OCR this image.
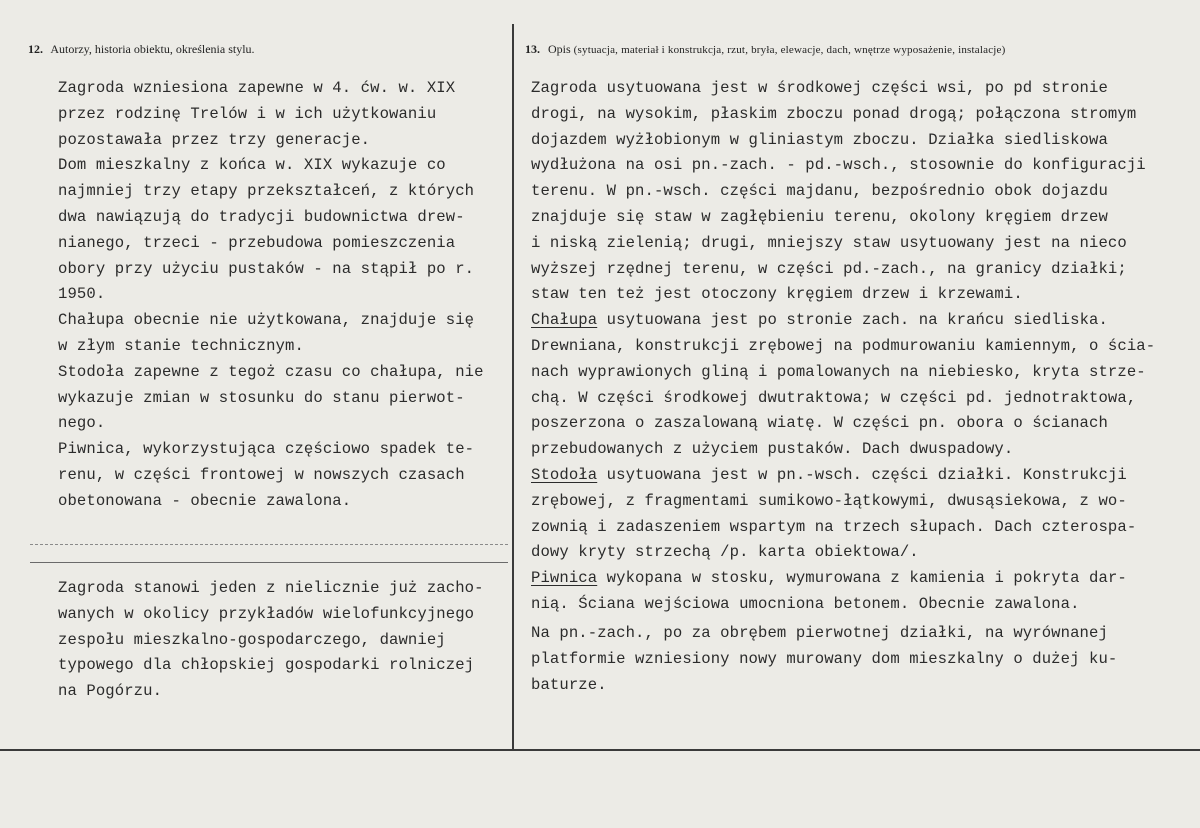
12. Autorzy, historia obiektu, określenia stylu.
Zagroda wzniesiona zapewne w 4. ćw. w. XIX
przez rodzinę Trelów i w ich użytkowaniu
pozostawała przez trzy generacje.
Dom mieszkalny z końca w. XIX wykazuje co
najmniej trzy etapy przekształceń, z których
dwa nawiązują do tradycji budownictwa drew-
nianego, trzeci - przebudowa pomieszczenia
obory przy użyciu pustaków - na stąpił po r.
1950.
Chałupa obecnie nie użytkowana, znajduje się
w złym stanie technicznym.
Stodoła zapewne z tegoż czasu co chałupa, nie
wykazuje zmian w stosunku do stanu pierwot-
nego.
Piwnica, wykorzystująca częściowo spadek te-
renu, w części frontowej w nowszych czasach
obetonowana - obecnie zawalona.
Zagroda stanowi jeden z nielicznie już zacho-
wanych w okolicy przykładów wielofunkcyjnego
zespołu mieszkalno-gospodarczego, dawniej
typowego dla chłopskiej gospodarki rolniczej
na Pogórzu.
13. Opis (sytuacja, materiał i konstrukcja, rzut, bryła, elewacje, dach, wnętrze wyposażenie, instalacje)
Zagroda usytuowana jest w środkowej części wsi, po pd stronie
drogi, na wysokim, płaskim zboczu ponad drogą; połączona stromym
dojazdem wyżłobionym w gliniastym zboczu. Działka siedliskowa
wydłużona na osi pn.-zach. - pd.-wsch., stosownie do konfiguracji
terenu. W pn.-wsch. części majdanu, bezpośrednio obok dojazdu
znajduje się staw w zagłębieniu terenu, okolony kręgiem drzew
i niską zielenią; drugi, mniejszy staw usytuowany jest na nieco
wyższej rzędnej terenu, w części pd.-zach., na granicy działki;
staw ten też jest otoczony kręgiem drzew i krzewami.
Chałupa usytuowana jest po stronie zach. na krańcu siedliska.
Drewniana, konstrukcji zrębowej na podmurowaniu kamiennym, o ścia-
nach wyprawionych gliną i pomalowanych na niebiesko, kryta strze-
chą. W części środkowej dwutraktowa; w części pd. jednotraktowa,
poszerzona o zaszalowaną wiatę. W części pn. obora o ścianach
przebudowanych z użyciem pustaków. Dach dwuspadowy.
Stodoła usytuowana jest w pn.-wsch. części działki. Konstrukcji
zrębowej, z fragmentami sumikowo-łątkowymi, dwusąsiekowa, z wo-
zownią i zadaszeniem wspartym na trzech słupach. Dach czterospa-
dowy kryty strzechą /p. karta obiektowa/.
Piwnica wykopana w stosku, wymurowana z kamienia i pokryta dar-
nią. Ściana wejściowa umocniona betonem. Obecnie zawalona.
Na pn.-zach., po za obrębem pierwotnej działki, na wyrównanej
platformie wzniesiony nowy murowany dom mieszkalny o dużej ku-
baturze.
